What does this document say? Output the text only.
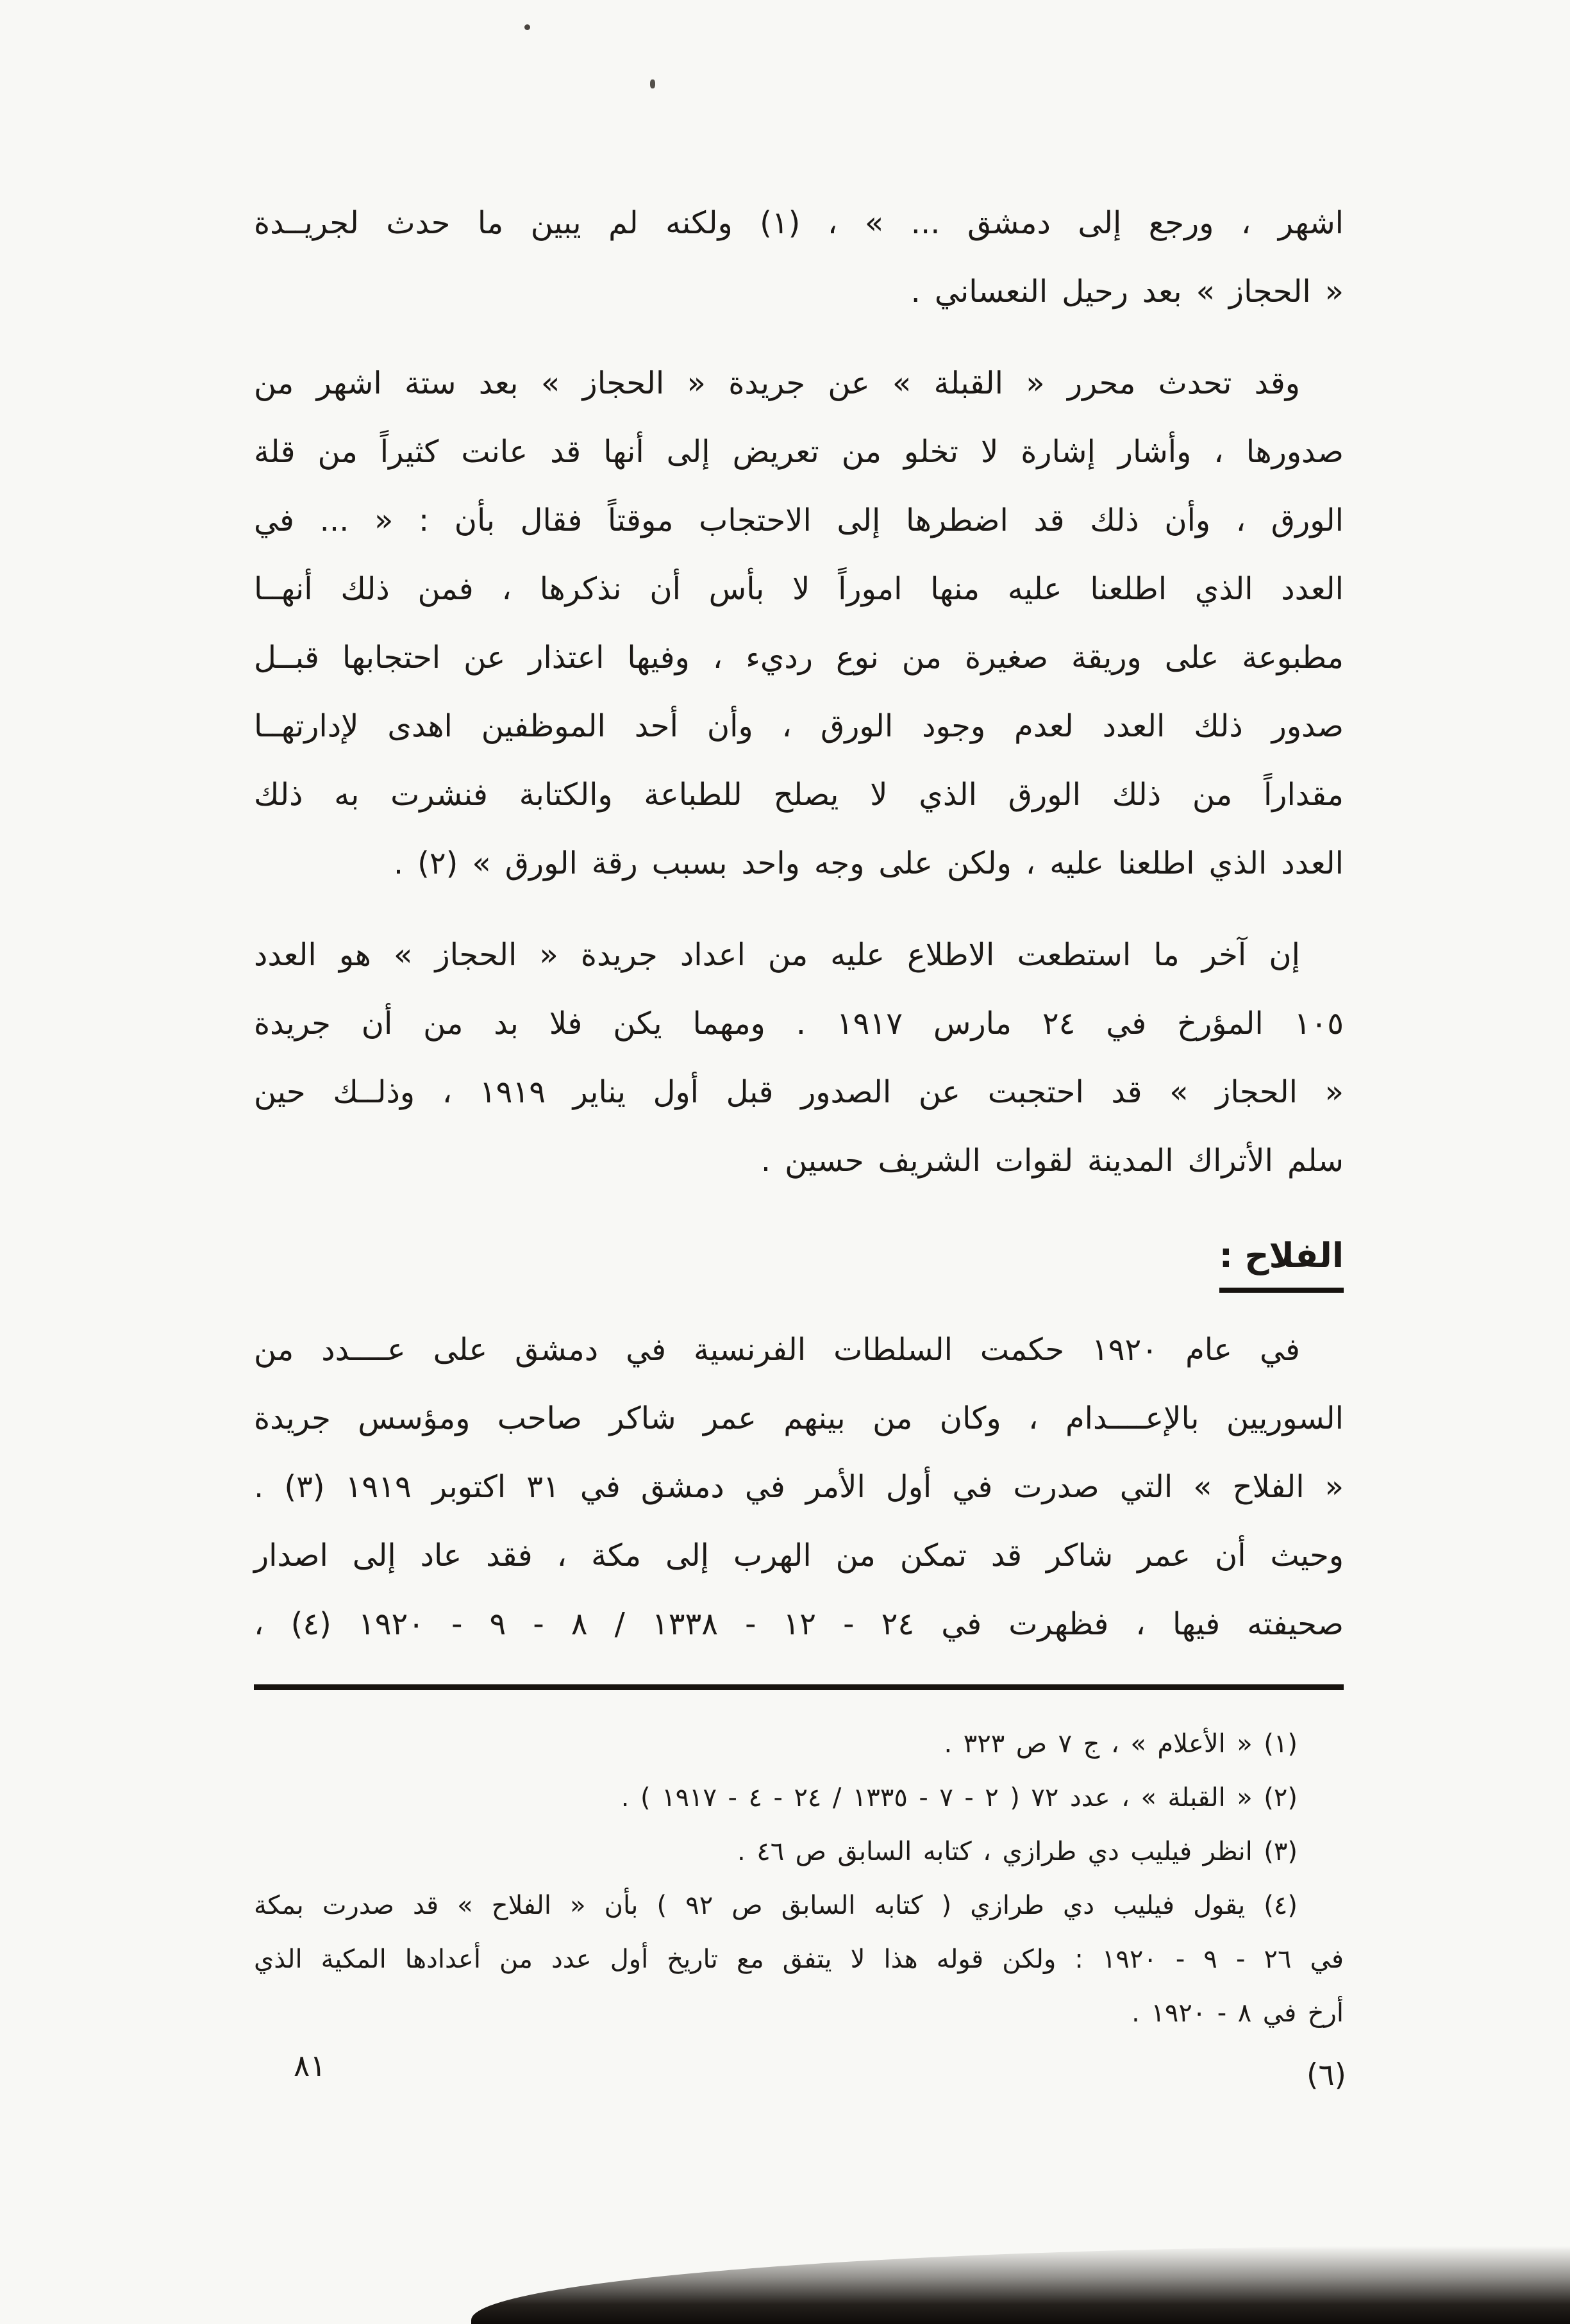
اشهر ، ورجع إلى دمشق ... » ، (١) ولكنه لم يبين ما حدث لجريــدة
« الحجاز » بعد رحيل النعساني .
وقد تحدث محرر « القبلة » عن جريدة « الحجاز » بعد ستة اشهر من
صدورها ، وأشار إشارة لا تخلو من تعريض إلى أنها قد عانت كثيراً من قلة
الورق ، وأن ذلك قد اضطرها إلى الاحتجاب موقتاً فقال بأن : « ... في
العدد الذي اطلعنا عليه منها اموراً لا بأس أن نذكرها ، فمن ذلك أنهــا
مطبوعة على وريقة صغيرة من نوع رديء ، وفيها اعتذار عن احتجابها قبــل
صدور ذلك العدد لعدم وجود الورق ، وأن أحد الموظفين اهدى لإدارتهــا
مقداراً من ذلك الورق الذي لا يصلح للطباعة والكتابة فنشرت به ذلك
العدد الذي اطلعنا عليه ، ولكن على وجه واحد بسبب رقة الورق » (٢) .
إن آخر ما استطعت الاطلاع عليه من اعداد جريدة « الحجاز » هو العدد
١٠٥ المؤرخ في ٢٤ مارس ١٩١٧ . ومهما يكن فلا بد من أن جريدة
« الحجاز » قد احتجبت عن الصدور قبل أول يناير ١٩١٩ ، وذلــك حين
سلم الأتراك المدينة لقوات الشريف حسين .
الفلاح :
في عام ١٩٢٠ حكمت السلطات الفرنسية في دمشق على عــــدد من
السوريين بالإعــــدام ، وكان من بينهم عمر شاكر صاحب ومؤسس جريدة
« الفلاح » التي صدرت في أول الأمر في دمشق في ٣١ اكتوبر ١٩١٩ (٣) .
وحيث أن عمر شاكر قد تمكن من الهرب إلى مكة ، فقد عاد إلى اصدار
صحيفته فيها ، فظهرت في ٢٤ - ١٢ - ١٣٣٨ / ٨ - ٩ - ١٩٢٠ (٤) ،
(١) « الأعلام » ، ج ٧ ص ٣٢٣ .
(٢) « القبلة » ، عدد ٧٢ ( ٢ - ٧ - ١٣٣٥ / ٢٤ - ٤ - ١٩١٧ ) .
(٣) انظر فيليب دي طرازي ، كتابه السابق ص ٤٦ .
(٤) يقول فيليب دي طرازي ( كتابه السابق ص ٩٢ ) بأن « الفلاح » قد صدرت بمكة
في ٢٦ - ٩ - ١٩٢٠ : ولكن قوله هذا لا يتفق مع تاريخ أول عدد من أعدادها المكية الذي
أرخ في ٨ - ١٩٢٠ .
٨١	(٦)
